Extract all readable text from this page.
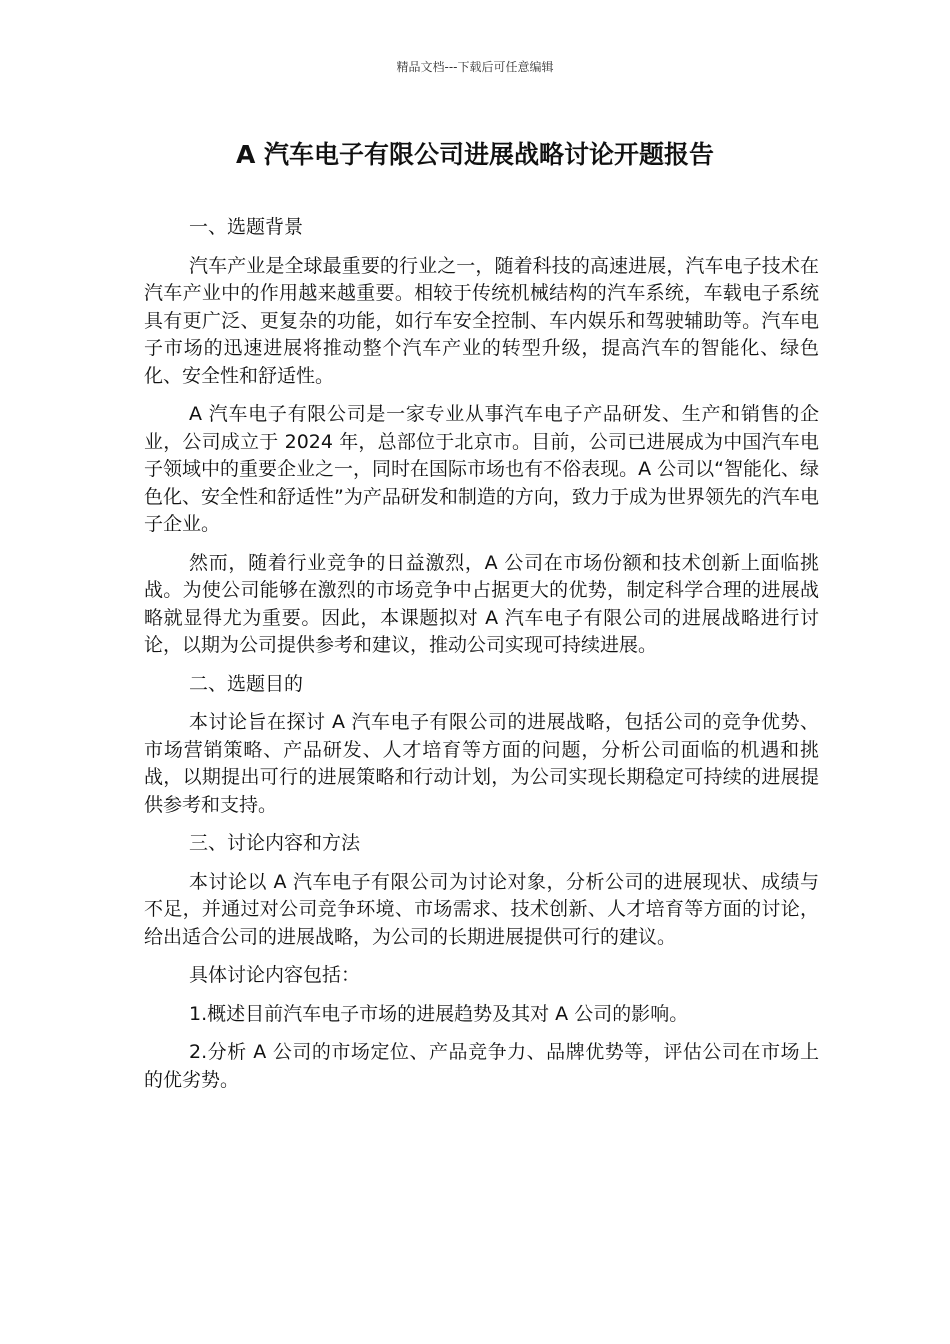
精品文档---下载后可任意编辑
A 汽车电子有限公司进展战略讨论开题报告

一、选题背景

汽车产业是全球最重要的行业之一，随着科技的高速进展，汽车电子技术在汽车产业中的作用越来越重要。相较于传统机械结构的汽车系统，车载电子系统具有更广泛、更复杂的功能，如行车安全控制、车内娱乐和驾驶辅助等。汽车电子市场的迅速进展将推动整个汽车产业的转型升级，提高汽车的智能化、绿色化、安全性和舒适性。

A 汽车电子有限公司是一家专业从事汽车电子产品研发、生产和销售的企业，公司成立于 2024 年，总部位于北京市。目前，公司已进展成为中国汽车电子领域中的重要企业之一，同时在国际市场也有不俗表现。A 公司以“智能化、绿色化、安全性和舒适性”为产品研发和制造的方向，致力于成为世界领先的汽车电子企业。

然而，随着行业竞争的日益激烈，A 公司在市场份额和技术创新上面临挑战。为使公司能够在激烈的市场竞争中占据更大的优势，制定科学合理的进展战略就显得尤为重要。因此，本课题拟对 A 汽车电子有限公司的进展战略进行讨论，以期为公司提供参考和建议，推动公司实现可持续进展。

二、选题目的

本讨论旨在探讨 A 汽车电子有限公司的进展战略，包括公司的竞争优势、市场营销策略、产品研发、人才培育等方面的问题，分析公司面临的机遇和挑战，以期提出可行的进展策略和行动计划，为公司实现长期稳定可持续的进展提供参考和支持。

三、讨论内容和方法

本讨论以 A 汽车电子有限公司为讨论对象，分析公司的进展现状、成绩与不足，并通过对公司竞争环境、市场需求、技术创新、人才培育等方面的讨论，给出适合公司的进展战略，为公司的长期进展提供可行的建议。

具体讨论内容包括：

1.概述目前汽车电子市场的进展趋势及其对 A 公司的影响。

2.分析 A 公司的市场定位、产品竞争力、品牌优势等，评估公司在市场上的优劣势。
